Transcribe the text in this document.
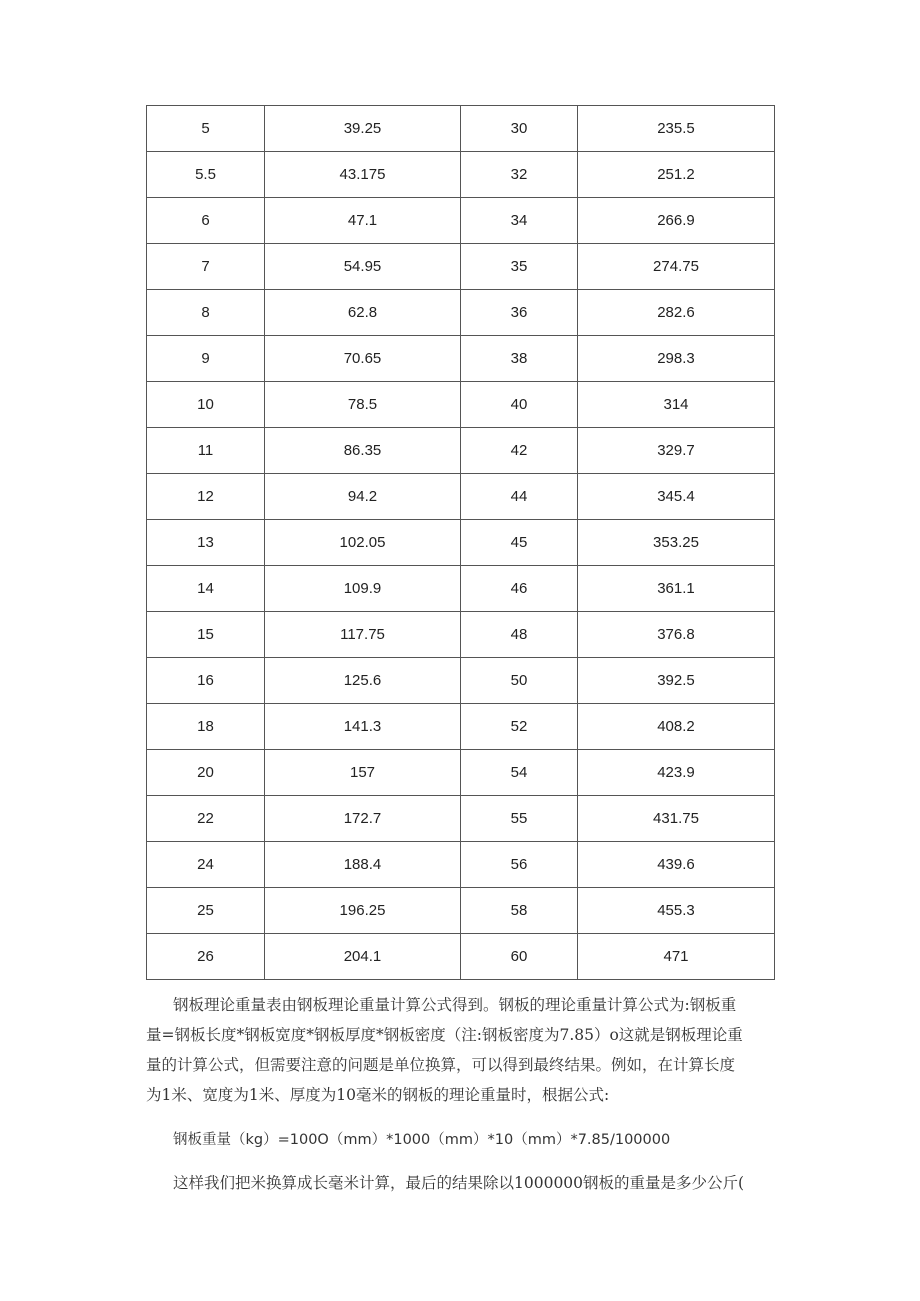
5	39.25	30	235.5
5.5	43.175	32	251.2
6	47.1	34	266.9
7	54.95	35	274.75
8	62.8	36	282.6
9	70.65	38	298.3
10	78.5	40	314
11	86.35	42	329.7
12	94.2	44	345.4
13	102.05	45	353.25
14	109.9	46	361.1
15	117.75	48	376.8
16	125.6	50	392.5
18	141.3	52	408.2
20	157	54	423.9
22	172.7	55	431.75
24	188.4	56	439.6
25	196.25	58	455.3
26	204.1	60	471

钢板理论重量表由钢板理论重量计算公式得到。钢板的理论重量计算公式为:钢板重
量=钢板长度*钢板宽度*钢板厚度*钢板密度（注:钢板密度为7.85）o这就是钢板理论重
量的计算公式，但需要注意的问题是单位换算，可以得到最终结果。例如，在计算长度
为1米、宽度为1米、厚度为10毫米的钢板的理论重量时，根据公式:

钢板重量（kg）=100O（mm）*1000（mm）*10（mm）*7.85/100000

这样我们把米换算成长毫米计算，最后的结果除以1000000钢板的重量是多少公斤(
